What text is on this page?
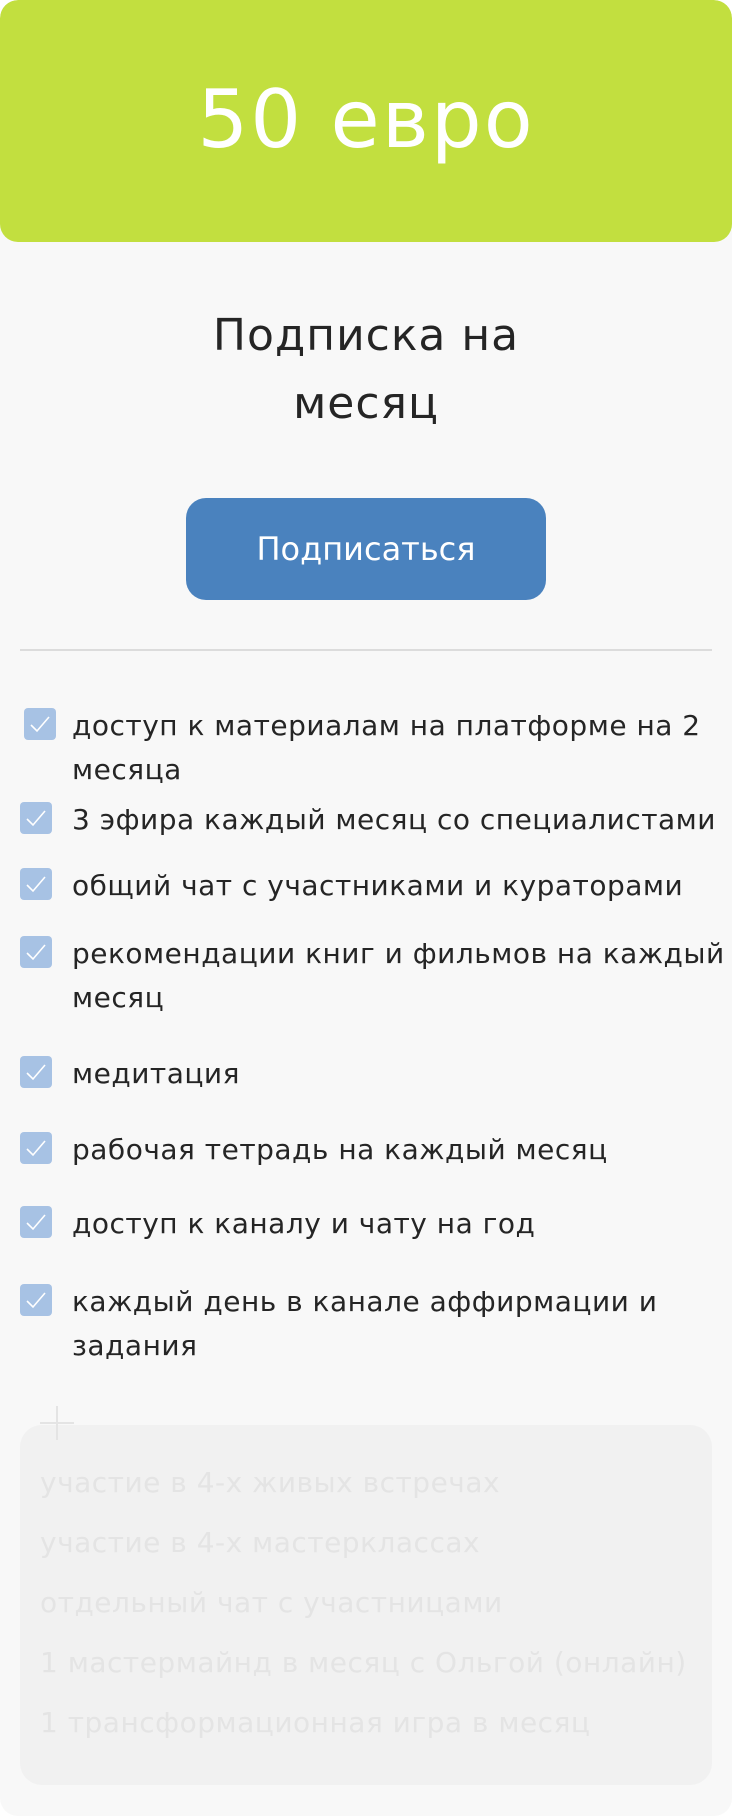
50 евро
Подписка на
месяц
Подписаться
доступ к материалам на платформе на 2 месяца
3 эфира каждый месяц со специалистами
общий чат с участниками и кураторами
рекомендации книг и фильмов на каждый месяц
медитация
рабочая тетрадь на каждый месяц
доступ к каналу и чату на год
каждый день в канале аффирмации и задания
участие в 4-х живых встречах
участие в 4-х мастерклассах
отдельный чат с участницами
1 мастермайнд в месяц с Ольгой (онлайн)
1 трансформационная игра в месяц
